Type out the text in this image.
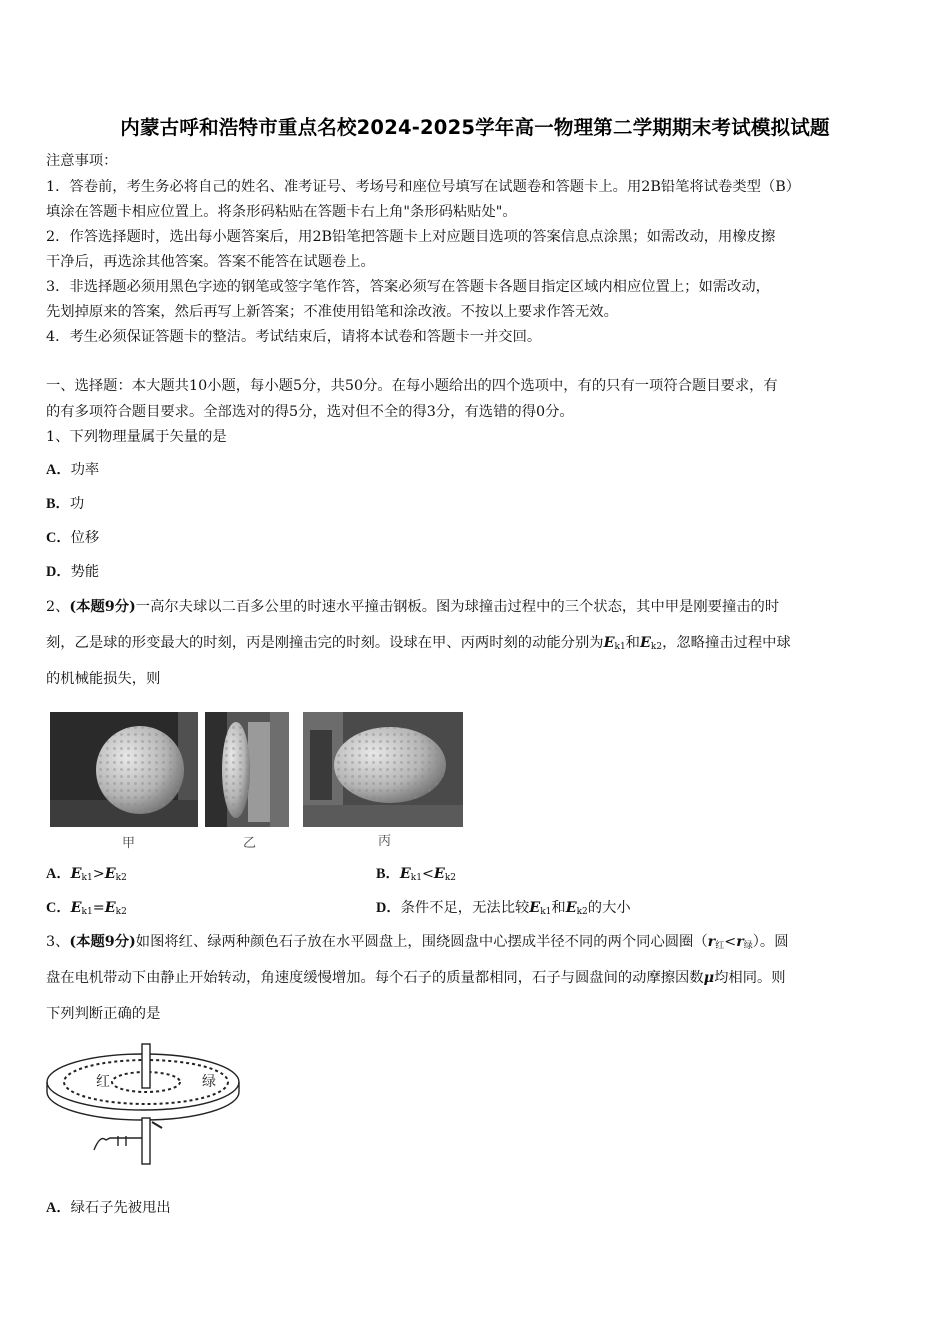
内蒙古呼和浩特市重点名校2024-2025学年高一物理第二学期期末考试模拟试题
注意事项：
1．答卷前，考生务必将自己的姓名、准考证号、考场号和座位号填写在试题卷和答题卡上。用2B铅笔将试卷类型（B）
填涂在答题卡相应位置上。将条形码粘贴在答题卡右上角"条形码粘贴处"。
2．作答选择题时，选出每小题答案后，用2B铅笔把答题卡上对应题目选项的答案信息点涂黑；如需改动，用橡皮擦
干净后，再选涂其他答案。答案不能答在试题卷上。
3．非选择题必须用黑色字迹的钢笔或签字笔作答，答案必须写在答题卡各题目指定区域内相应位置上；如需改动，
先划掉原来的答案，然后再写上新答案；不准使用铅笔和涂改液。不按以上要求作答无效。
4．考生必须保证答题卡的整洁。考试结束后，请将本试卷和答题卡一并交回。
一、选择题：本大题共10小题，每小题5分，共50分。在每小题给出的四个选项中，有的只有一项符合题目要求，有
的有多项符合题目要求。全部选对的得5分，选对但不全的得3分，有选错的得0分。
1、下列物理量属于矢量的是
A．功率
B．功
C．位移
D．势能
2、(本题9分)一高尔夫球以二百多公里的时速水平撞击钢板。图为球撞击过程中的三个状态，其中甲是刚要撞击的时
刻，乙是球的形变最大的时刻，丙是刚撞击完的时刻。设球在甲、丙两时刻的动能分别为$E_{k1}$和$E_{k2}$，忽略撞击过程中球
的机械能损失，则
甲	乙	丙
A．$E_{k1}>E_{k2}$	B．$E_{k1}<E_{k2}$
C．$E_{k1}=E_{k2}$	D．条件不足，无法比较$E_{k1}$和$E_{k2}$的大小
3、(本题9分)如图将红、绿两种颜色石子放在水平圆盘上，围绕圆盘中心摆成半径不同的两个同心圆圈$(r_红<r_绿)$。圆
盘在电机带动下由静止开始转动，角速度缓慢增加。每个石子的质量都相同，石子与圆盘间的动摩擦因数μ均相同。则
下列判断正确的是
红	绿
A．绿石子先被甩出
